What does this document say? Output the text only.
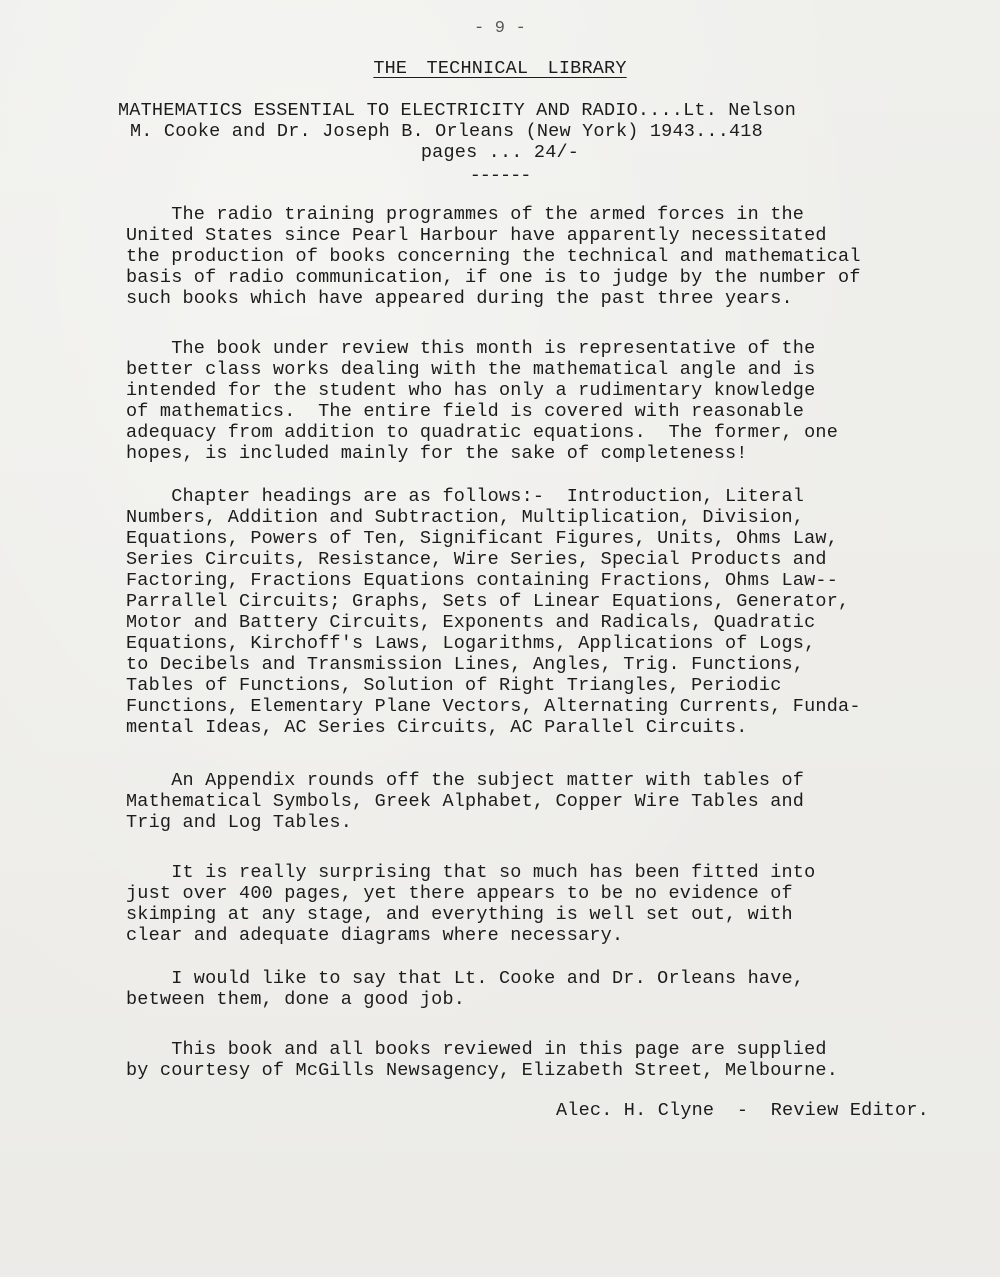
- 9 -
THE TECHNICAL LIBRARY
MATHEMATICS ESSENTIAL TO ELECTRICITY AND RADIO....Lt. Nelson
M. Cooke and Dr. Joseph B. Orleans (New York) 1943...418
pages ... 24/-
------
The radio training programmes of the armed forces in the
United States since Pearl Harbour have apparently necessitated
the production of books concerning the technical and mathematical
basis of radio communication, if one is to judge by the number of
such books which have appeared during the past three years.
The book under review this month is representative of the
better class works dealing with the mathematical angle and is
intended for the student who has only a rudimentary knowledge
of mathematics.  The entire field is covered with reasonable
adequacy from addition to quadratic equations.  The former, one
hopes, is included mainly for the sake of completeness!
Chapter headings are as follows:-  Introduction, Literal
Numbers, Addition and Subtraction, Multiplication, Division,
Equations, Powers of Ten, Significant Figures, Units, Ohms Law,
Series Circuits, Resistance, Wire Series, Special Products and
Factoring, Fractions Equations containing Fractions, Ohms Law--
Parrallel Circuits; Graphs, Sets of Linear Equations, Generator,
Motor and Battery Circuits, Exponents and Radicals, Quadratic
Equations, Kirchoff's Laws, Logarithms, Applications of Logs,
to Decibels and Transmission Lines, Angles, Trig. Functions,
Tables of Functions, Solution of Right Triangles, Periodic
Functions, Elementary Plane Vectors, Alternating Currents, Funda-
mental Ideas, AC Series Circuits, AC Parallel Circuits.
An Appendix rounds off the subject matter with tables of
Mathematical Symbols, Greek Alphabet, Copper Wire Tables and
Trig and Log Tables.
It is really surprising that so much has been fitted into
just over 400 pages, yet there appears to be no evidence of
skimping at any stage, and everything is well set out, with
clear and adequate diagrams where necessary.
I would like to say that Lt. Cooke and Dr. Orleans have,
between them, done a good job.
This book and all books reviewed in this page are supplied
by courtesy of McGills Newsagency, Elizabeth Street, Melbourne.
Alec. H. Clyne  -  Review Editor.
